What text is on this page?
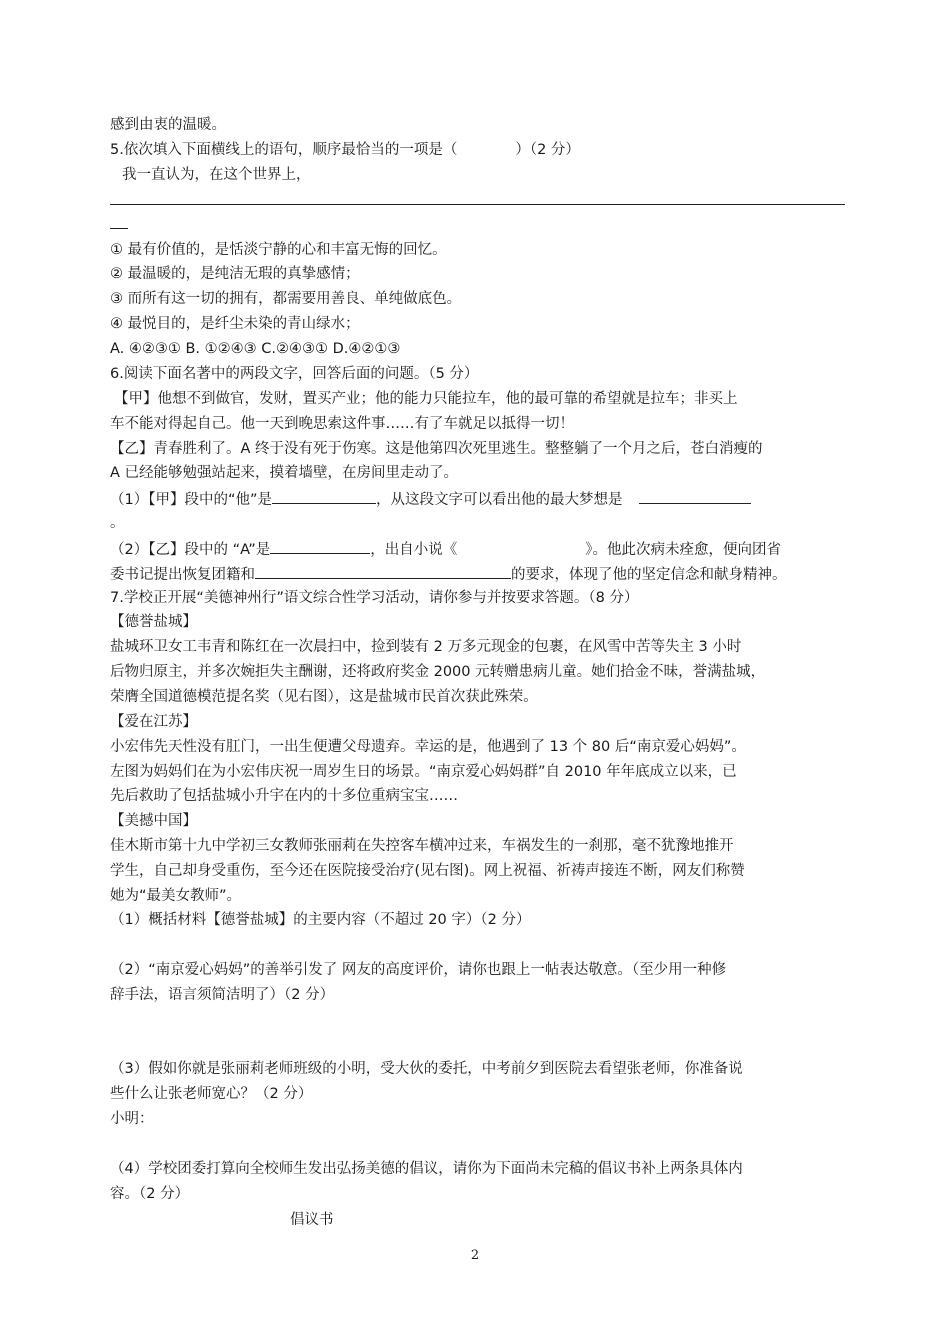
感到由衷的温暖。
5.依次填入下面横线上的语句，顺序最恰当的一项是（	）（2 分）
我一直认为，在这个世界上，
① 最有价值的，是恬淡宁静的心和丰富无悔的回忆。
② 最温暖的，是纯洁无瑕的真挚感情；
③ 而所有这一切的拥有，都需要用善良、单纯做底色。
④ 最悦目的，是纤尘未染的青山绿水；
A. ④②③① B. ①②④③ C.②④③① D.④②①③
6.阅读下面名著中的两段文字，回答后面的问题。（5 分）
【甲】他想不到做官，发财，置买产业；他的能力只能拉车，他的最可靠的希望就是拉车；非买上
车不能对得起自己。他一天到晚思索这件事……有了车就足以抵得一切！
【乙】青春胜利了。A 终于没有死于伤寒。这是他第四次死里逃生。整整躺了一个月之后，苍白消瘦的
A 已经能够勉强站起来，摸着墙壁，在房间里走动了。
（1）【甲】段中的“他”是	，从这段文字可以看出他的最大梦想是
。
（2）【乙】段中的 “A”是	，出自小说《	》。他此次病未痊愈，便向团省
委书记提出恢复团籍和	的要求，体现了他的坚定信念和献身精神。
7.学校正开展“美德神州行”语文综合性学习活动，请你参与并按要求答题。（8 分）
【德誉盐城】
盐城环卫女工韦青和陈红在一次晨扫中，捡到装有 2 万多元现金的包裹，在风雪中苦等失主 3 小时
后物归原主，并多次婉拒失主酬谢，还将政府奖金 2000 元转赠患病儿童。她们拾金不昧，誉满盐城，
荣膺全国道德模范提名奖（见右图），这是盐城市民首次获此殊荣。
【爱在江苏】
小宏伟先天性没有肛门，一出生便遭父母遗弃。幸运的是，他遇到了 13 个 80 后“南京爱心妈妈”。
左图为妈妈们在为小宏伟庆祝一周岁生日的场景。“南京爱心妈妈群”自 2010 年年底成立以来，已
先后救助了包括盐城小升宇在内的十多位重病宝宝……
【美撼中国】
佳木斯市第十九中学初三女教师张丽莉在失控客车横冲过来，车祸发生的一刹那，毫不犹豫地推开
学生，自己却身受重伤，至今还在医院接受治疗(见右图)。网上祝福、祈祷声接连不断，网友们称赞
她为“最美女教师”。
（1）概括材料【德誉盐城】的主要内容（不超过 20 字）（2 分）
（2）“南京爱心妈妈”的善举引发了 网友的高度评价，请你也跟上一帖表达敬意。（至少用一种修
辞手法，语言须简洁明了）（2 分）
（3）假如你就是张丽莉老师班级的小明，受大伙的委托，中考前夕到医院去看望张老师，你准备说
些什么让张老师宽心？（2 分）
小明：
（4）学校团委打算向全校师生发出弘扬美德的倡议，请你为下面尚未完稿的倡议书补上两条具体内
容。（2 分）
倡议书
2
